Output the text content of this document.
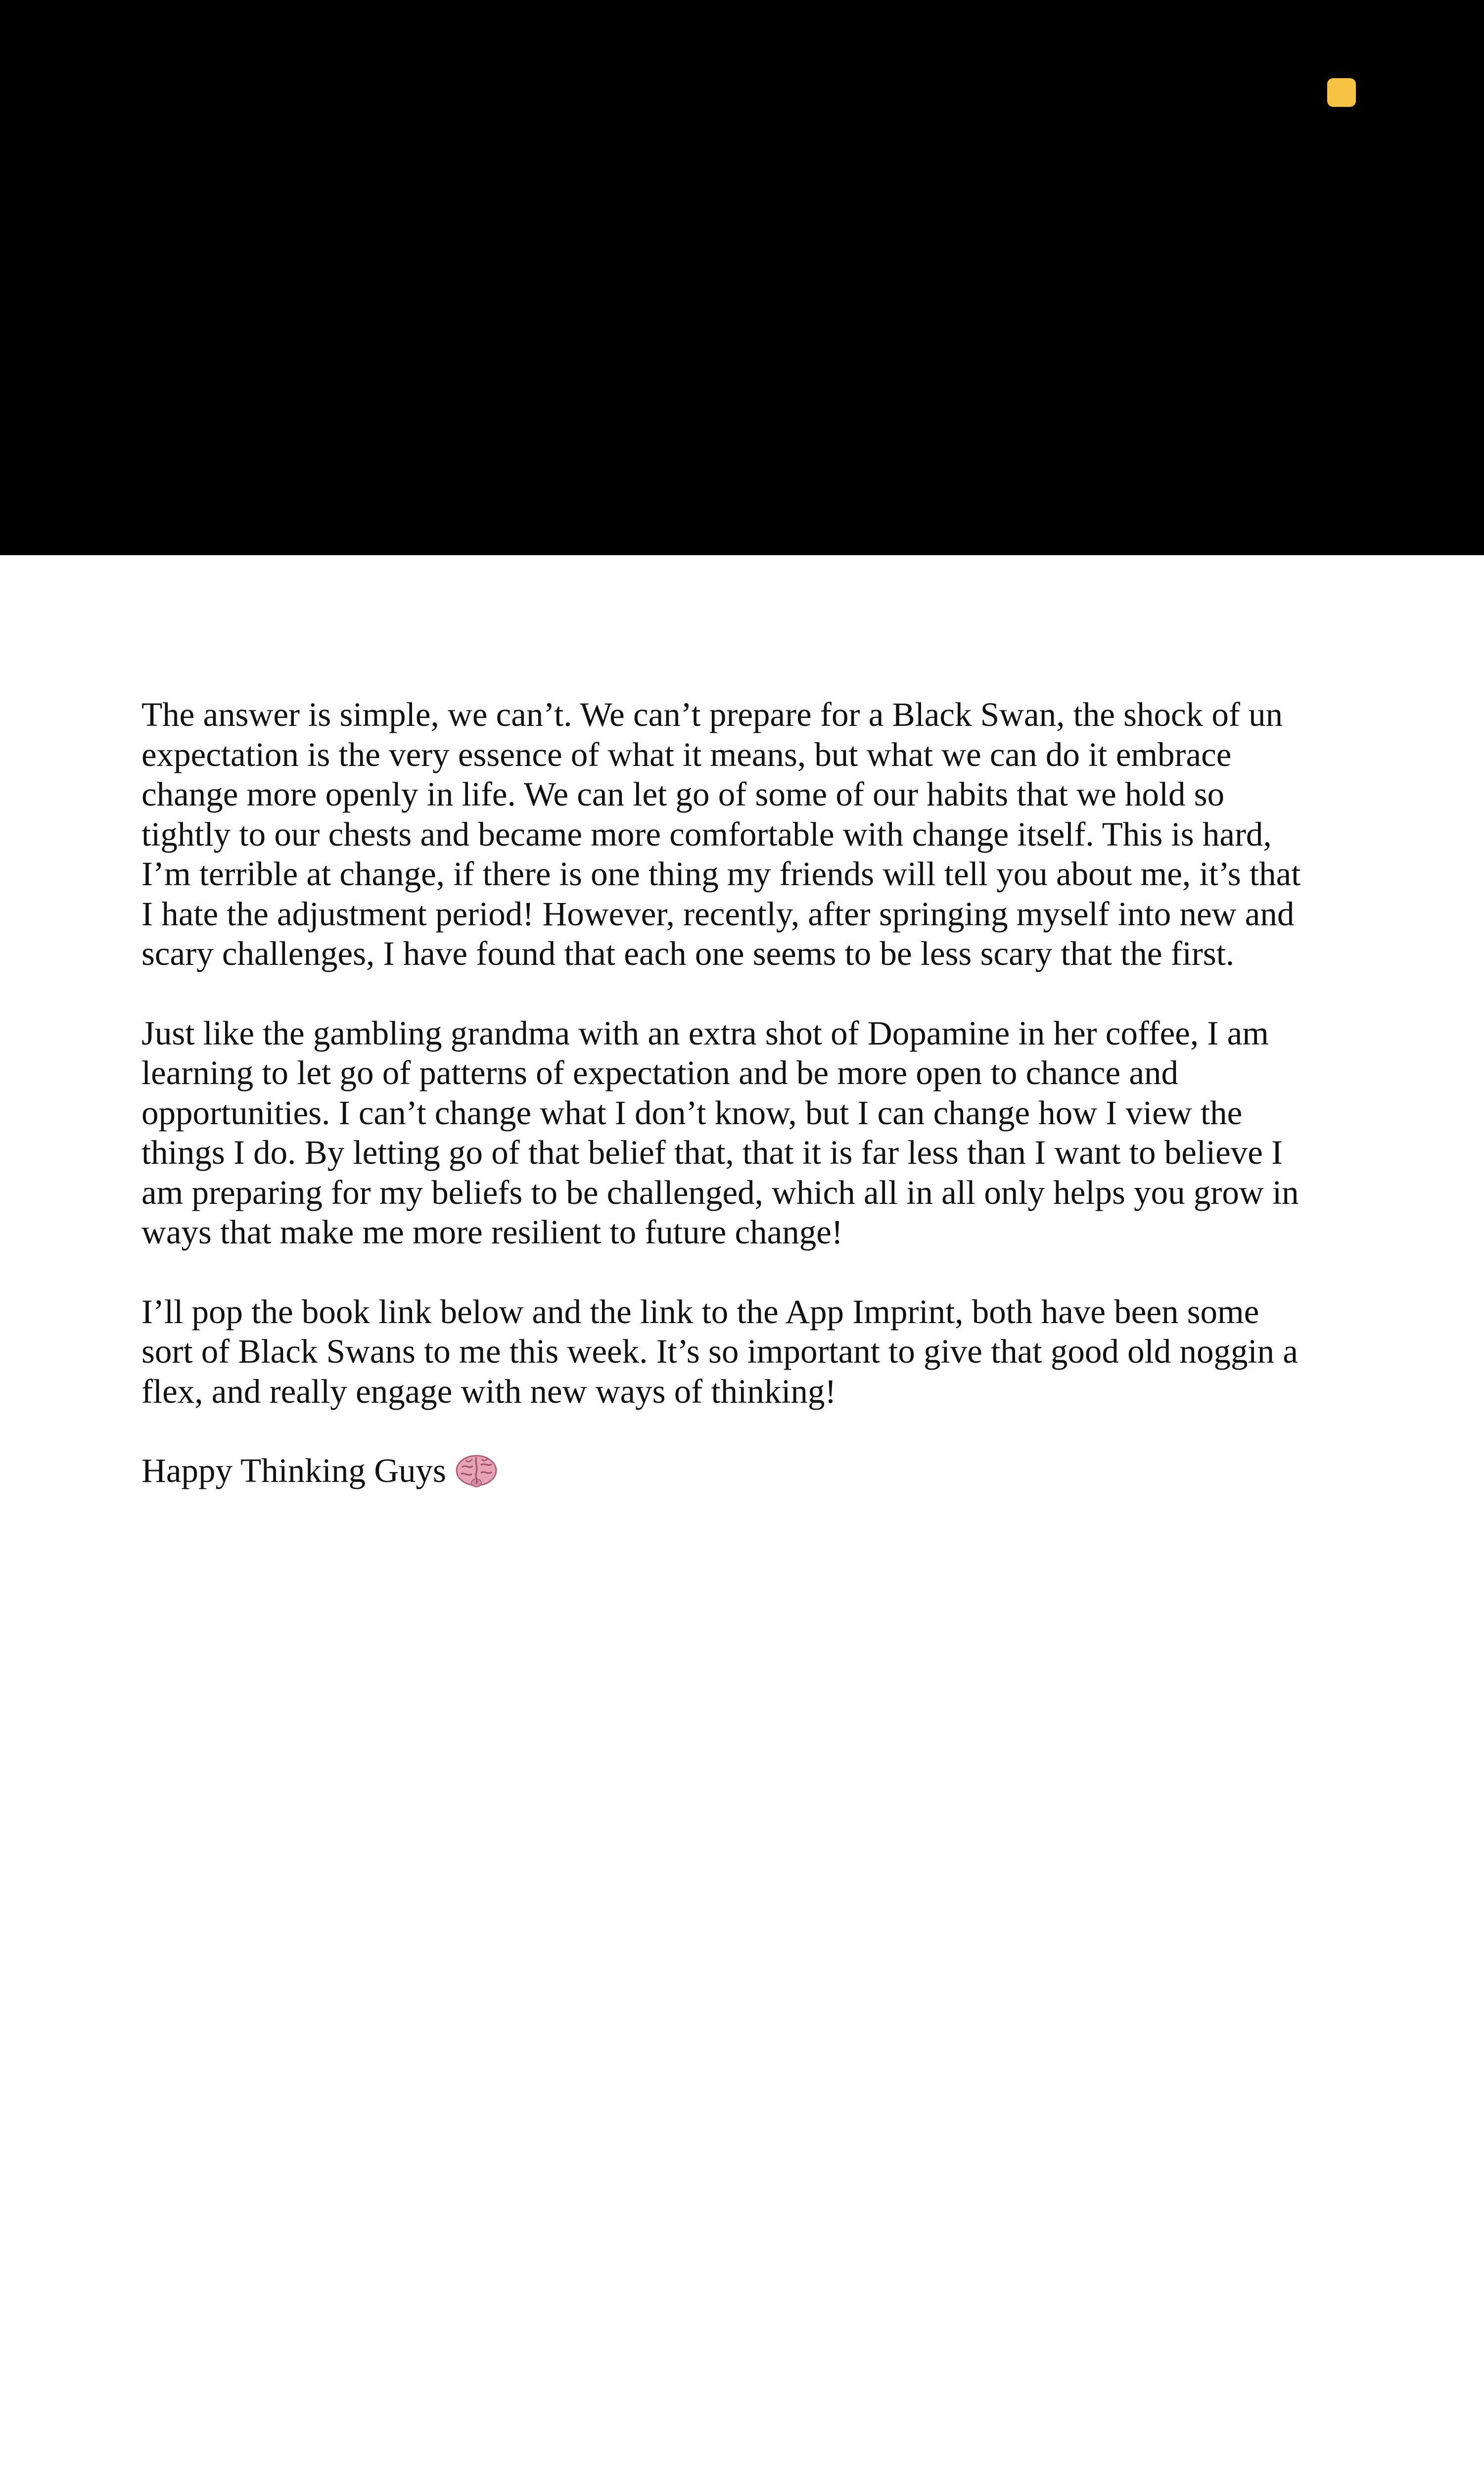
The answer is simple, we can’t. We can’t prepare for a Black Swan, the shock of un
expectation is the very essence of what it means, but what we can do it embrace
change more openly in life. We can let go of some of our habits that we hold so
tightly to our chests and became more comfortable with change itself. This is hard,
I’m terrible at change, if there is one thing my friends will tell you about me, it’s that
I hate the adjustment period! However, recently, after springing myself into new and
scary challenges, I have found that each one seems to be less scary that the first.

Just like the gambling grandma with an extra shot of Dopamine in her coffee, I am
learning to let go of patterns of expectation and be more open to chance and
opportunities. I can’t change what I don’t know, but I can change how I view the
things I do. By letting go of that belief that, that it is far less than I want to believe I
am preparing for my beliefs to be challenged, which all in all only helps you grow in
ways that make me more resilient to future change!

I’ll pop the book link below and the link to the App Imprint, both have been some
sort of Black Swans to me this week. It’s so important to give that good old noggin a
flex, and really engage with new ways of thinking!

Happy Thinking Guys
